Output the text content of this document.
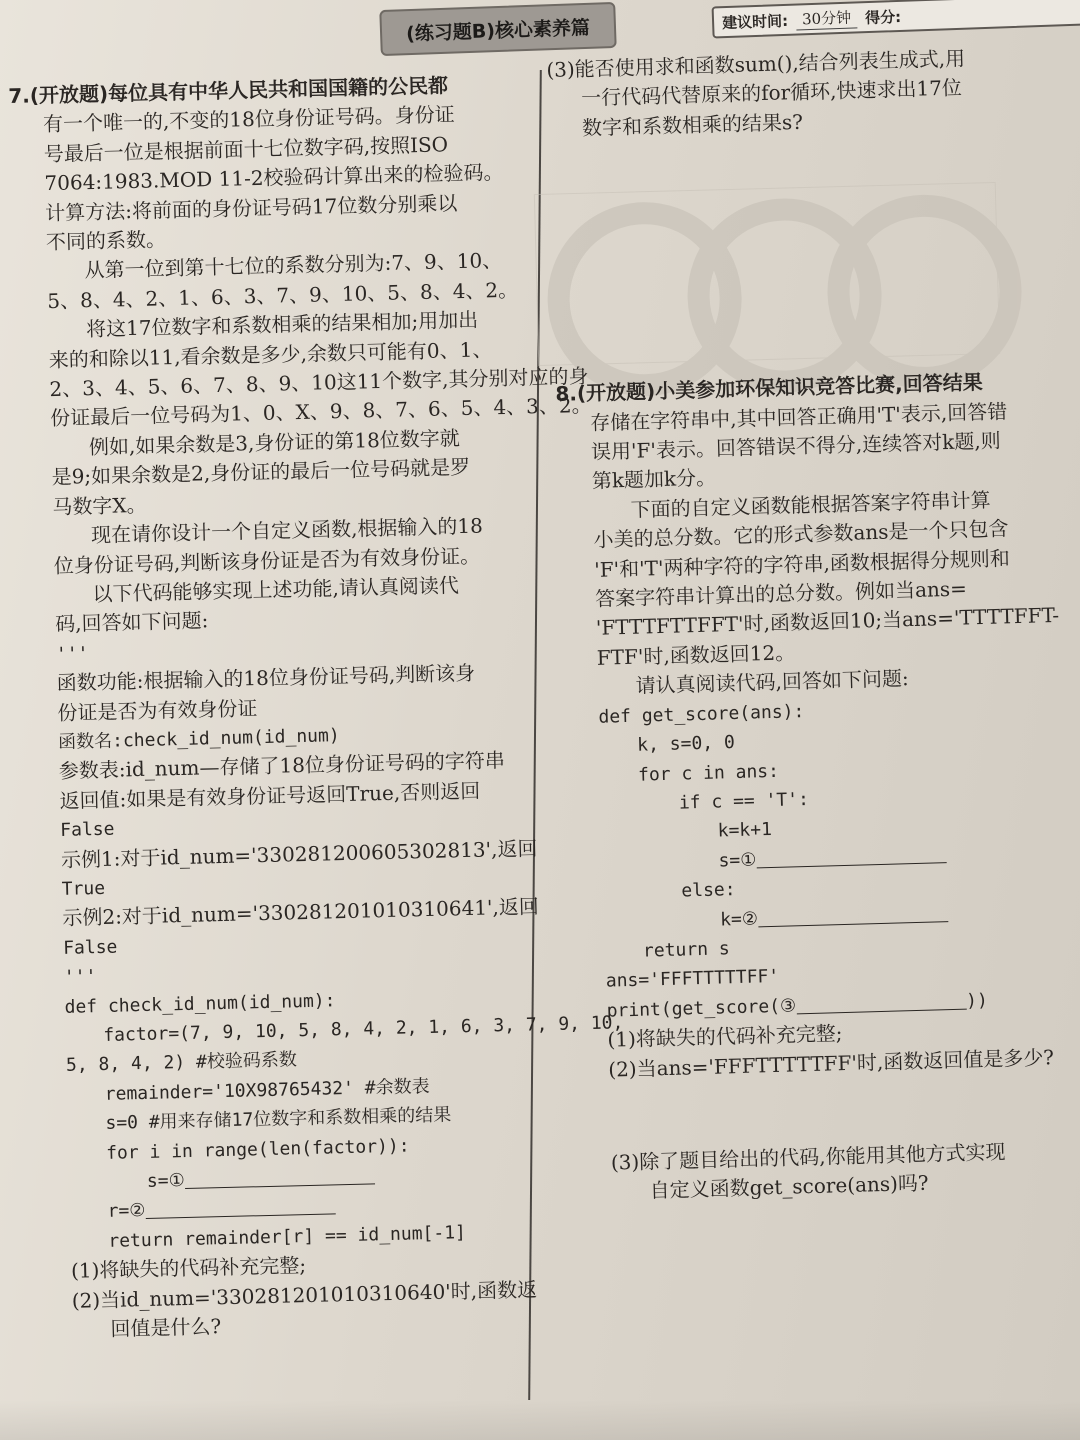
(练习题B)核心素养篇	建议时间: 30分钟 得分:

7.(开放题)每位具有中华人民共和国国籍的公民都

有一个唯一的,不变的18位身份证号码。身份证

号最后一位是根据前面十七位数字码,按照ISO

7064:1983.MOD 11-2校验码计算出来的检验码。

计算方法:将前面的身份证号码17位数分别乘以

不同的系数。

从第一位到第十七位的系数分别为:7、9、10、

5、8、4、2、1、6、3、7、9、10、5、8、4、2。

将这17位数字和系数相乘的结果相加;用加出

来的和除以11,看余数是多少,余数只可能有0、1、

2、3、4、5、6、7、8、9、10这11个数字,其分别对应的身

份证最后一位号码为1、0、X、9、8、7、6、5、4、3、2。

例如,如果余数是3,身份证的第18位数字就

是9;如果余数是2,身份证的最后一位号码就是罗

马数字X。

现在请你设计一个自定义函数,根据输入的18

位身份证号码,判断该身份证是否为有效身份证。

以下代码能够实现上述功能,请认真阅读代

码,回答如下问题:

'''

函数功能:根据输入的18位身份证号码,判断该身

份证是否为有效身份证

函数名:check_id_num(id_num)

参数表:id_num—存储了18位身份证号码的字符串

返回值:如果是有效身份证号返回True,否则返回

False

示例1:对于id_num='330281200605302813',返回

True

示例2:对于id_num='330281201010310641',返回

False

'''

def check_id_num(id_num):

factor=(7, 9, 10, 5, 8, 4, 2, 1, 6, 3, 7, 9, 10,

5, 8, 4, 2) #校验码系数

remainder='10X98765432' #余数表

s=0 #用来存储17位数字和系数相乘的结果

for i in range(len(factor)):

s=①

r=②

return remainder[r] == id_num[-1]

(1)将缺失的代码补充完整;

(2)当id_num='330281201010310640'时,函数返

回值是什么?

(3)能否使用求和函数sum(),结合列表生成式,用

一行代码代替原来的for循环,快速求出17位

数字和系数相乘的结果s?

8.(开放题)小美参加环保知识竞答比赛,回答结果

存储在字符串中,其中回答正确用'T'表示,回答错

误用'F'表示。回答错误不得分,连续答对k题,则

第k题加k分。

下面的自定义函数能根据答案字符串计算

小美的总分数。它的形式参数ans是一个只包含

'F'和'T'两种字符的字符串,函数根据得分规则和

答案字符串计算出的总分数。例如当ans=

'FTTTFTTFFT'时,函数返回10;当ans='TTTTFFT-

FTF'时,函数返回12。

请认真阅读代码,回答如下问题:

def get_score(ans):

k, s=0, 0

for c in ans:

if c == 'T':

k=k+1

s=①

else:

k=②

return s

ans='FFFTTTTTFF'

print(get_score(③	))

(1)将缺失的代码补充完整;

(2)当ans='FFFTTTTTFF'时,函数返回值是多少?

(3)除了题目给出的代码,你能用其他方式实现

自定义函数get_score(ans)吗?
